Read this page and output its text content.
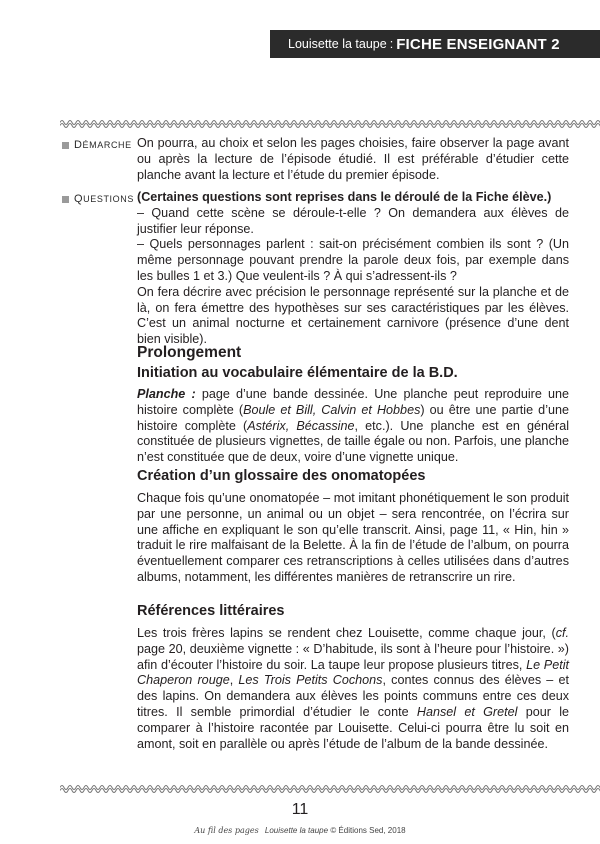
Louisette la taupe : FICHE ENSEIGNANT 2
D ÉMARCHE On pourra, au choix et selon les pages choisies, faire observer la page avant ou après la lecture de l’épisode étudié. Il est préférable d’étudier cette planche avant la lecture et l’étude du premier épisode.

Q UESTIONS (Certaines questions sont reprises dans le déroulé de la Fiche élève.)

– Quand cette scène se déroule-t-elle ? On demandera aux élèves de justifier leur réponse.

– Quels personnages parlent : sait-on précisément combien ils sont ? (Un même personnage pouvant prendre la parole deux fois, par exemple dans les bulles 1 et 3.) Que veulent-ils ? À qui s’adressent-ils ?

On fera décrire avec précision le personnage représenté sur la planche et de là, on fera émettre des hypothèses sur ses caractéristiques par les élèves. C’est un animal nocturne et certainement carnivore (présence d’une dent bien visible).

Prolongement
Initiation au vocabulaire élémentaire de la B.D.

Planche : page d’une bande dessinée. Une planche peut reproduire une histoire complète (Boule et Bill, Calvin et Hobbes) ou être une partie d’une histoire complète (Astérix, Bécassine, etc.). Une planche est en général constituée de plusieurs vignettes, de taille égale ou non. Parfois, une planche n’est constituée que de deux, voire d’une vignette unique.

Création d’un glossaire des onomatopées

Chaque fois qu’une onomatopée – mot imitant phonétiquement le son produit par une personne, un animal ou un objet – sera rencontrée, on l’écrira sur une affiche en expliquant le son qu’elle transcrit. Ainsi, page 11, « Hin, hin » traduit le rire malfaisant de la Belette. À la fin de l’étude de l’album, on pourra éventuellement comparer ces retranscriptions à celles utilisées dans d’autres albums, notamment, les différentes manières de retranscrire un rire.

Références littéraires

Les trois frères lapins se rendent chez Louisette, comme chaque jour, (cf. page 20, deuxième vignette : « D’habitude, ils sont à l’heure pour l’histoire. ») afin d’écouter l’histoire du soir. La taupe leur propose plusieurs titres, Le Petit Chaperon rouge, Les Trois Petits Cochons, contes connus des élèves – et des lapins. On demandera aux élèves les points communs entre ces deux titres. Il semble primordial d’étudier le conte Hansel et Gretel pour le comparer à l’histoire racontée par Louisette. Celui-ci pourra être lu soit en amont, soit en parallèle ou après l’étude de l’album de la bande dessinée.

11
Au fil des pages Louisette la taupe © Éditions Sed, 2018
